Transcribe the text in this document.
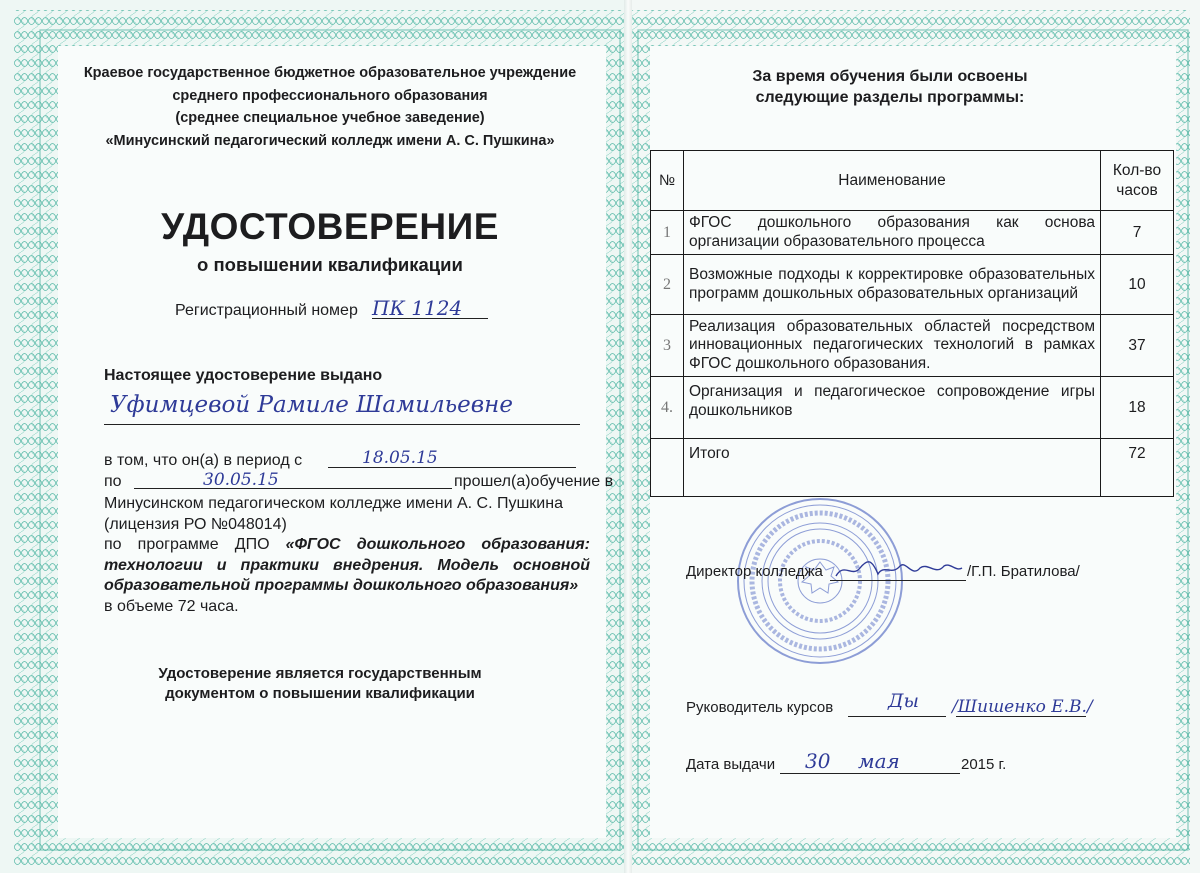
Краевое государственное бюджетное образовательное учреждение
среднего профессионального образования
(среднее специальное учебное заведение)
«Минусинский педагогический колледж имени А. С. Пушкина»
УДОСТОВЕРЕНИЕ
о повышении квалификации
Регистрационный номер ПК 1124
Настоящее удостоверение выдано
Уфимцевой Рамиле Шамильевне
в том, что он(а) в период с	18.05.15
по	30.05.15	прошел(а)обучение в
Минусинском педагогическом колледже имени А. С. Пушкина
(лицензия РО №048014)
по программе ДПО «ФГОС дошкольного образования: технологии и практики внедрения. Модель основной образовательной программы дошкольного образования»
в объеме 72 часа.
Удостоверение является государственным
документом о повышении квалификации
За время обучения были освоены
следующие разделы программы:
№	Наименование	Кол-во
часов

1	ФГОС дошкольного образования как основа организации образовательного процесса	7
2	Возможные подходы к корректировке образовательных программ дошкольных образовательных организаций	10
3	Реализация образовательных областей посредством инновационных педагогических технологий в рамках ФГОС дошкольного образования.	37
4.	Организация и педагогическое сопровождение игры дошкольников	18
	Итого	72
Директор колледжа	/Г.П. Братилова/
Руководитель курсов	Ды /Шишенко Е.В./
Дата выдачи 30 мая	2015 г.
